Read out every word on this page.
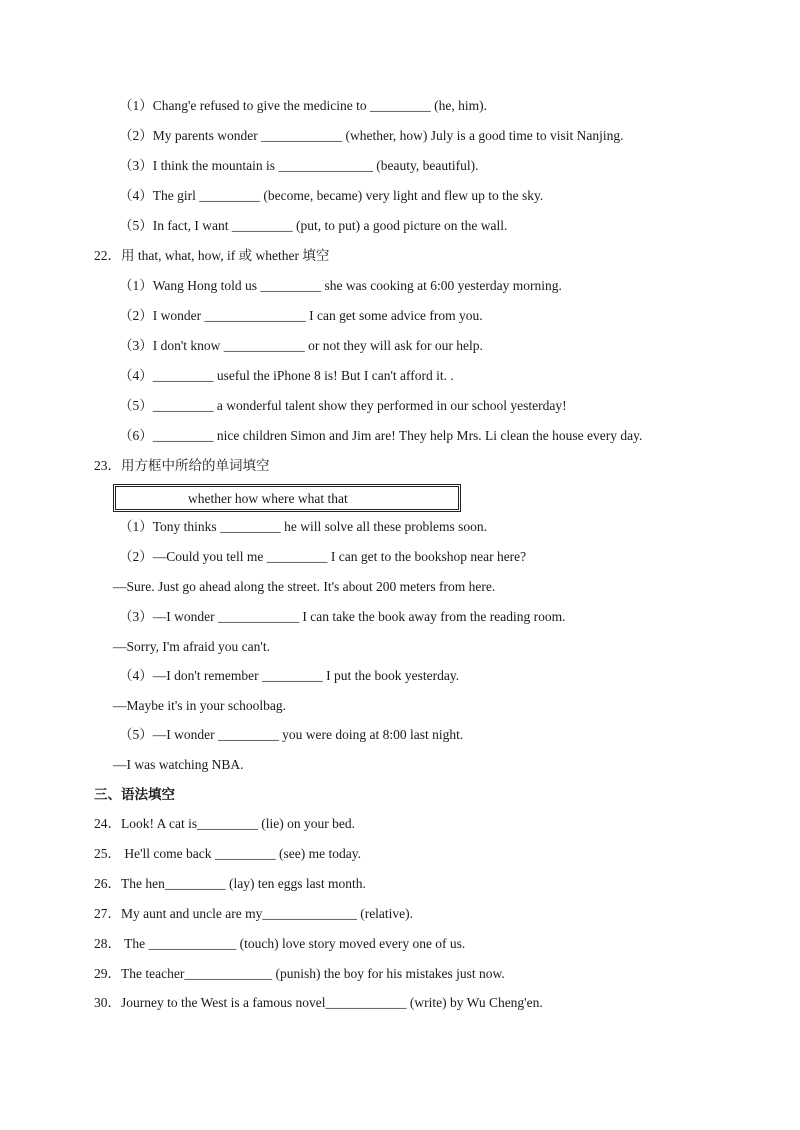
（1）Chang'e refused to give the medicine to _________ (he, him).
（2）My parents wonder ____________ (whether, how) July is a good time to visit Nanjing.
（3）I think the mountain is ______________ (beauty, beautiful).
（4）The girl _________ (become, became) very light and flew up to the sky.
（5）In fact, I want _________ (put, to put) a good picture on the wall.
22．用 that, what, how, if 或 whether 填空
（1）Wang Hong told us _________ she was cooking at 6:00 yesterday morning.
（2）I wonder _______________ I can get some advice from you.
（3）I don't know ____________ or not they will ask for our help.
（4）_________ useful the iPhone 8 is! But I can't afford it. .
（5）_________ a wonderful talent show they performed in our school yesterday!
（6）_________ nice children Simon and Jim are! They help Mrs. Li clean the house every day.
23．用方框中所给的单词填空
（1）Tony thinks _________ he will solve all these problems soon.
（2）—Could you tell me _________ I can get to the bookshop near here?
—Sure. Just go ahead along the street. It's about 200 meters from here.
（3）—I wonder ____________ I can take the book away from the reading room.
—Sorry, I'm afraid you can't.
（4）—I don't remember _________ I put the book yesterday.
—Maybe it's in your schoolbag.
（5）—I wonder _________ you were doing at 8:00 last night.
—I was watching NBA.
三、语法填空
24．Look! A cat is_________ (lie) on your bed.
25． He'll come back _________ (see) me today.
26．The hen_________ (lay) ten eggs last month.
27．My aunt and uncle are my______________ (relative).
28． The _____________ (touch) love story moved every one of us.
29．The teacher_____________ (punish) the boy for his mistakes just now.
30．Journey to the West is a famous novel____________ (write) by Wu Cheng'en.
whether how where what that
